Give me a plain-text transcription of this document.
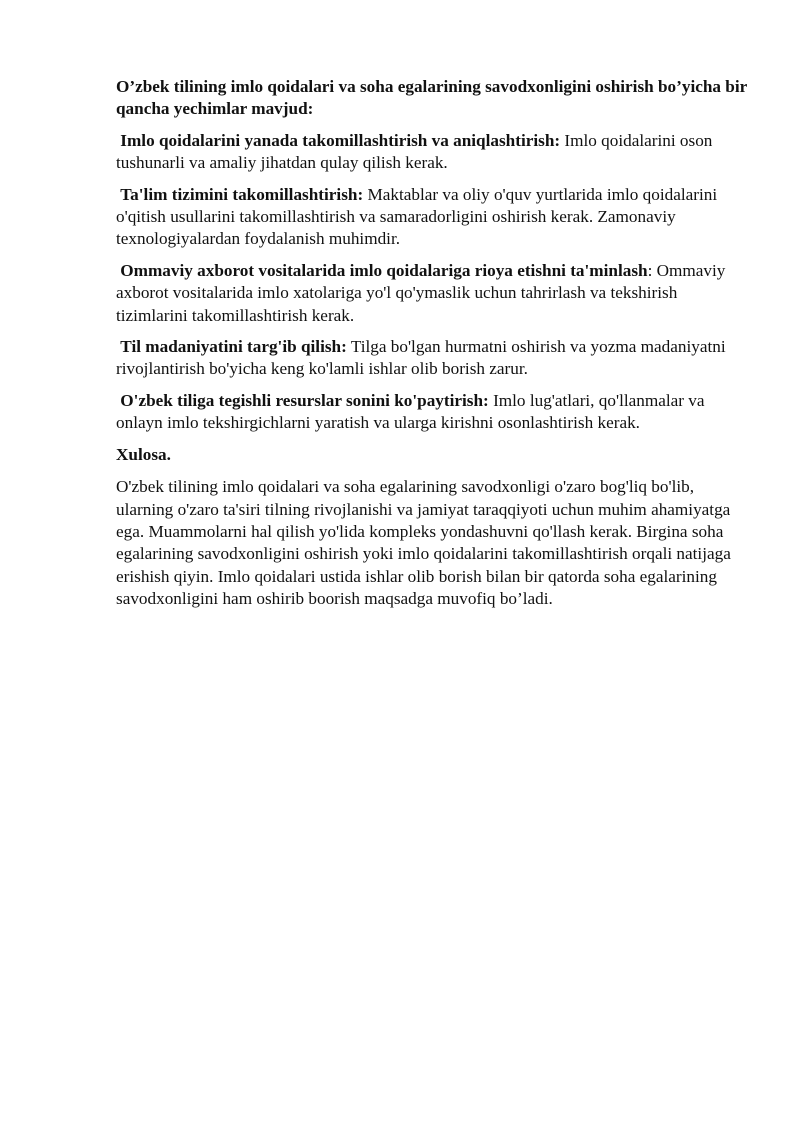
O’zbek tilining imlo qoidalari va soha egalarining savodxonligini oshirish bo’yicha bir qancha yechimlar mavjud:

Imlo qoidalarini yanada takomillashtirish va aniqlashtirish: Imlo qoidalarini oson tushunarli va amaliy jihatdan qulay qilish kerak.

Ta'lim tizimini takomillashtirish: Maktablar va oliy o'quv yurtlarida imlo qoidalarini o'qitish usullarini takomillashtirish va samaradorligini oshirish kerak. Zamonaviy texnologiyalardan foydalanish muhimdir.

Ommaviy axborot vositalarida imlo qoidalariga rioya etishni ta'minlash: Ommaviy axborot vositalarida imlo xatolariga yo'l qo'ymaslik uchun tahrirlash va tekshirish tizimlarini takomillashtirish kerak.

Til madaniyatini targ'ib qilish: Tilga bo'lgan hurmatni oshirish va yozma madaniyatni rivojlantirish bo'yicha keng ko'lamli ishlar olib borish zarur.

O'zbek tiliga tegishli resurslar sonini ko'paytirish: Imlo lug'atlari, qo'llanmalar va onlayn imlo tekshirgichlarni yaratish va ularga kirishni osonlashtirish kerak.

Xulosa.

O'zbek tilining imlo qoidalari va soha egalarining savodxonligi o'zaro bog'liq bo'lib, ularning o'zaro ta'siri tilning rivojlanishi va jamiyat taraqqiyoti uchun muhim ahamiyatga ega. Muammolarni hal qilish yo'lida kompleks yondashuvni qo'llash kerak. Birgina soha egalarining savodxonligini oshirish yoki imlo qoidalarini takomillashtirish orqali natijaga erishish qiyin. Imlo qoidalari ustida ishlar olib borish bilan bir qatorda soha egalarining savodxonligini ham oshirib boorish maqsadga muvofiq bo’ladi.
